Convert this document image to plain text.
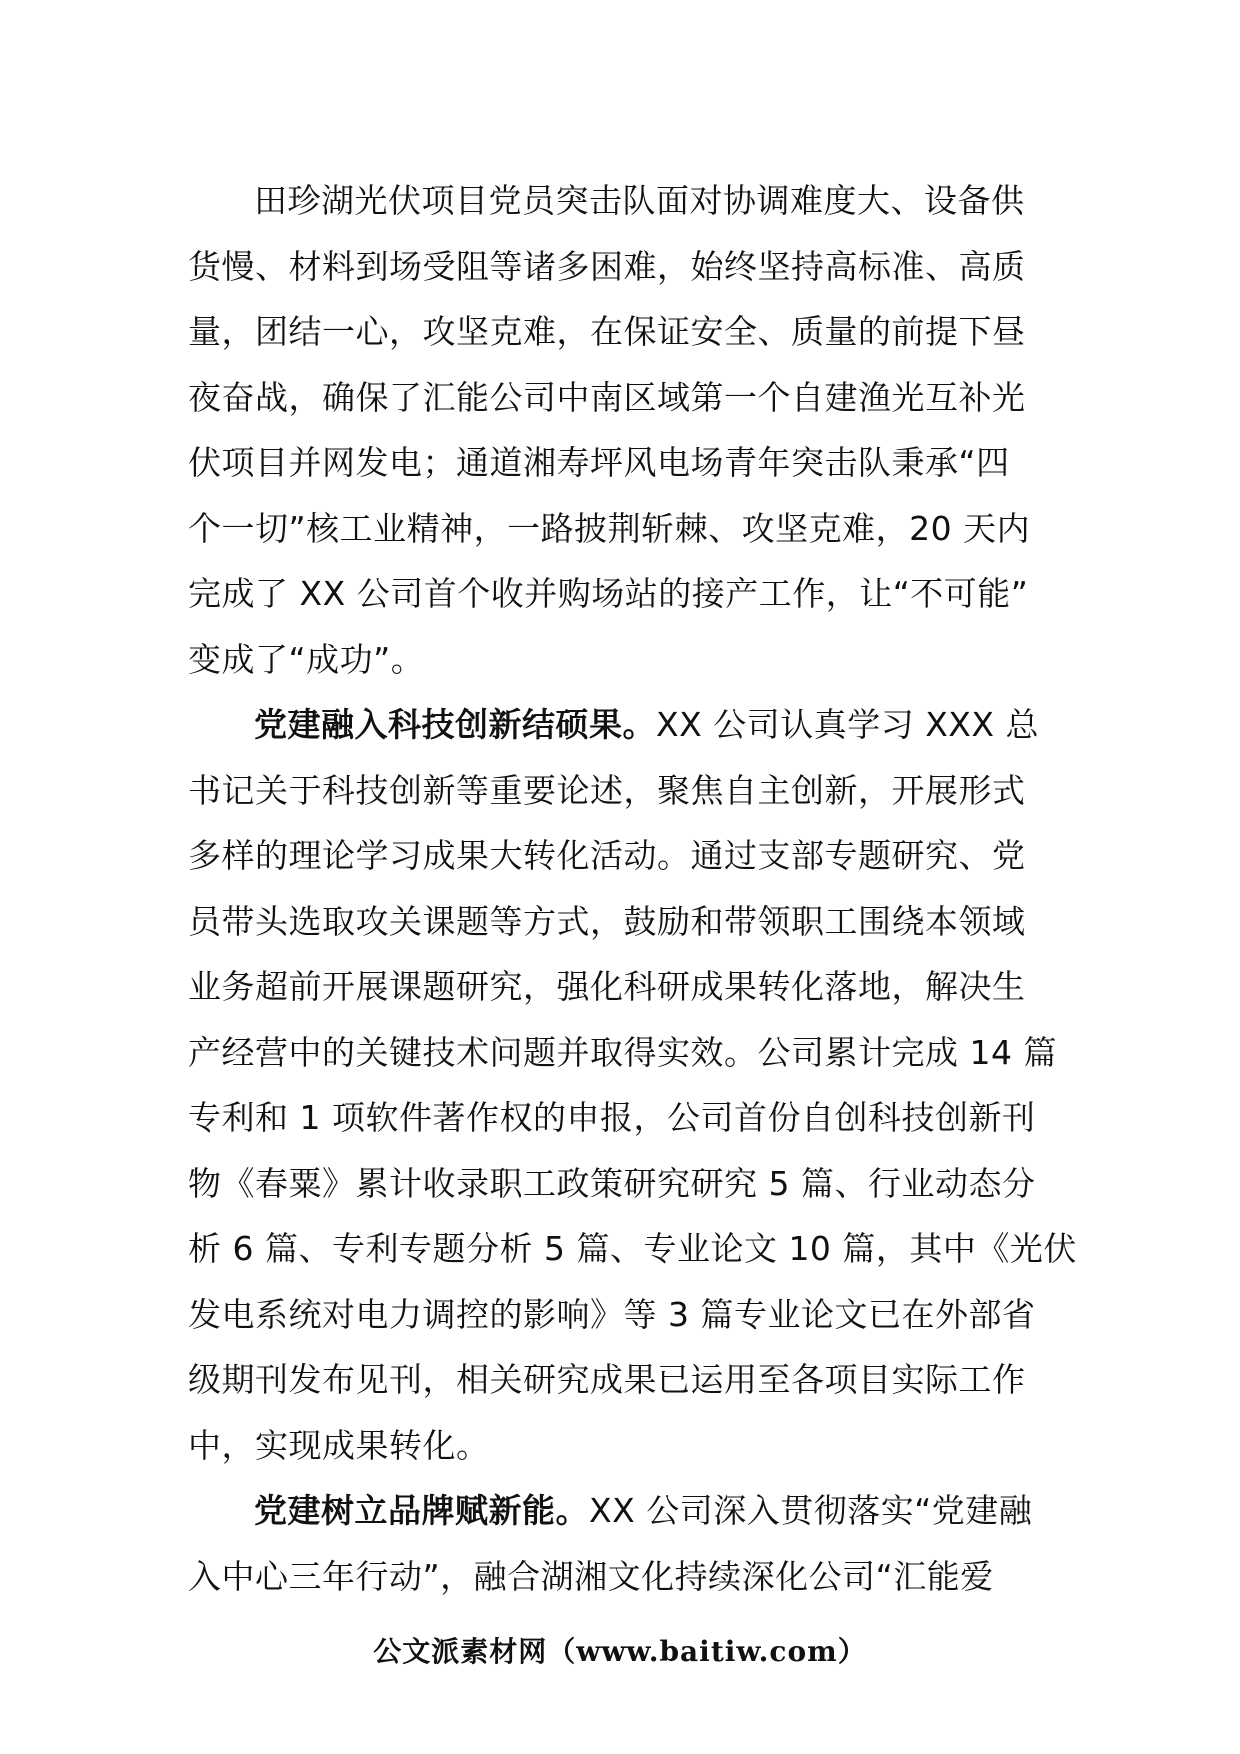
田珍湖光伏项目党员突击队面对协调难度大、设备供
货慢、材料到场受阻等诸多困难，始终坚持高标准、高质
量，团结一心，攻坚克难，在保证安全、质量的前提下昼
夜奋战，确保了汇能公司中南区域第一个自建渔光互补光
伏项目并网发电；通道湘寿坪风电场青年突击队秉承“四
个一切”核工业精神，一路披荆斩棘、攻坚克难，20 天内
完成了 XX 公司首个收并购场站的接产工作，让“不可能”
变成了“成功”。
党建融入科技创新结硕果。XX 公司认真学习 XXX 总
书记关于科技创新等重要论述，聚焦自主创新，开展形式
多样的理论学习成果大转化活动。通过支部专题研究、党
员带头选取攻关课题等方式，鼓励和带领职工围绕本领域
业务超前开展课题研究，强化科研成果转化落地，解决生
产经营中的关键技术问题并取得实效。公司累计完成 14 篇
专利和 1 项软件著作权的申报，公司首份自创科技创新刊
物《春粟》累计收录职工政策研究研究 5 篇、行业动态分
析 6 篇、专利专题分析 5 篇、专业论文 10 篇，其中《光伏
发电系统对电力调控的影响》等 3 篇专业论文已在外部省
级期刊发布见刊，相关研究成果已运用至各项目实际工作
中，实现成果转化。
党建树立品牌赋新能。XX 公司深入贯彻落实“党建融
入中心三年行动”，融合湖湘文化持续深化公司“汇能爱
公文派素材网（www.baitiw.com）
